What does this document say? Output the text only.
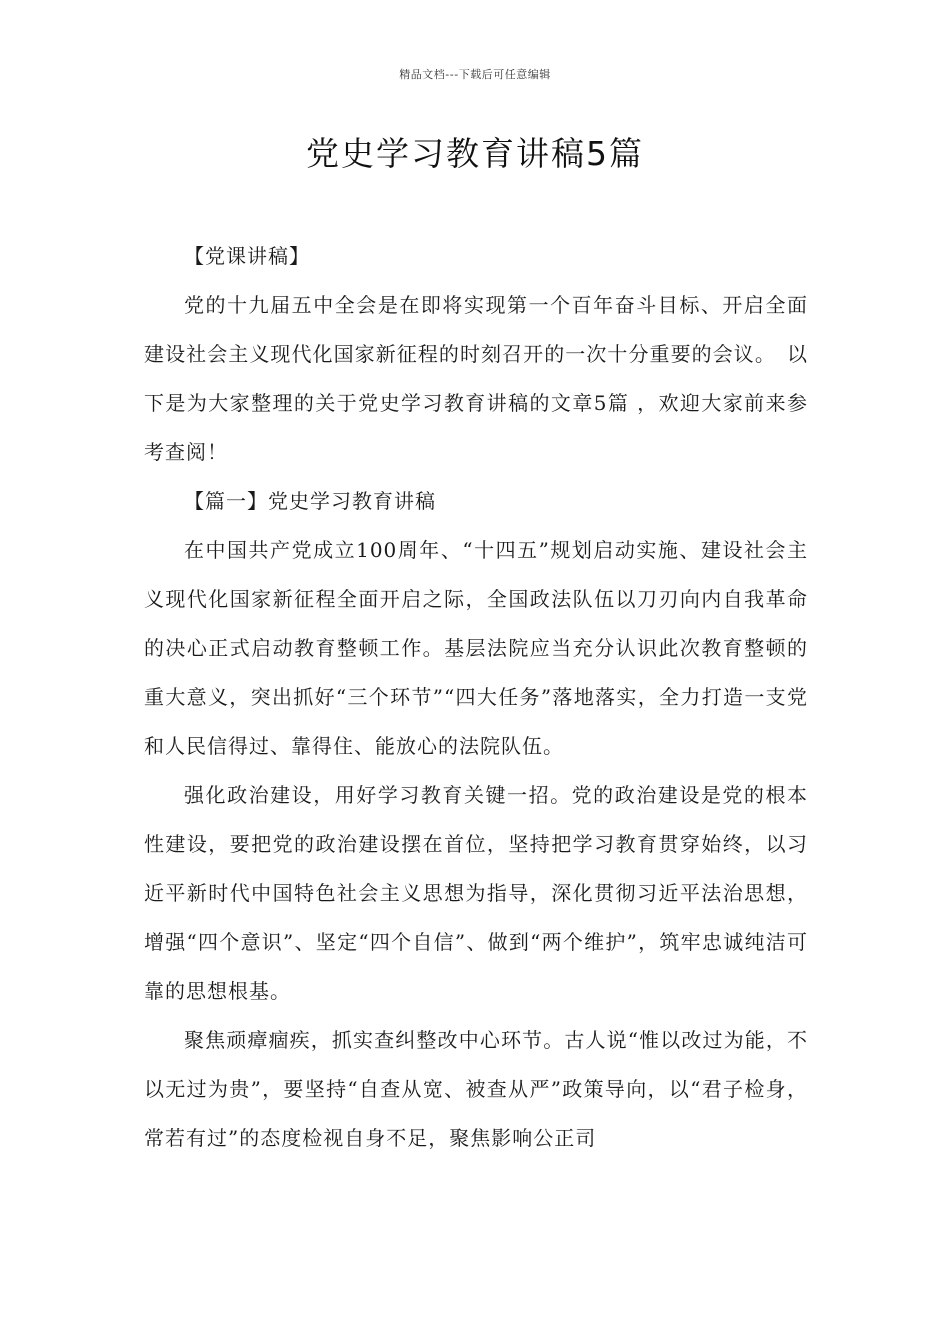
精品文档---下载后可任意编辑
党史学习教育讲稿5篇

【党课讲稿】

党的十九届五中全会是在即将实现第一个百年奋斗目标、开启全面建设社会主义现代化国家新征程的时刻召开的一次十分重要的会议。　以下是为大家整理的关于党史学习教育讲稿的文章5篇 ，欢迎大家前来参考查阅！

【篇一】党史学习教育讲稿

在中国共产党成立100周年、“十四五”规划启动实施、建设社会主义现代化国家新征程全面开启之际，全国政法队伍以刀刃向内自我革命的决心正式启动教育整顿工作。基层法院应当充分认识此次教育整顿的重大意义，突出抓好“三个环节”“四大任务”落地落实，全力打造一支党和人民信得过、靠得住、能放心的法院队伍。

强化政治建设，用好学习教育关键一招。党的政治建设是党的根本性建设，要把党的政治建设摆在首位，坚持把学习教育贯穿始终，以习近平新时代中国特色社会主义思想为指导，深化贯彻习近平法治思想，增强“四个意识”、坚定“四个自信”、做到“两个维护”，筑牢忠诚纯洁可靠的思想根基。

聚焦顽瘴痼疾，抓实查纠整改中心环节。古人说“惟以改过为能，不以无过为贵”，要坚持“自查从宽、被查从严”政策导向，以“君子检身，常若有过”的态度检视自身不足，聚焦影响公正司
